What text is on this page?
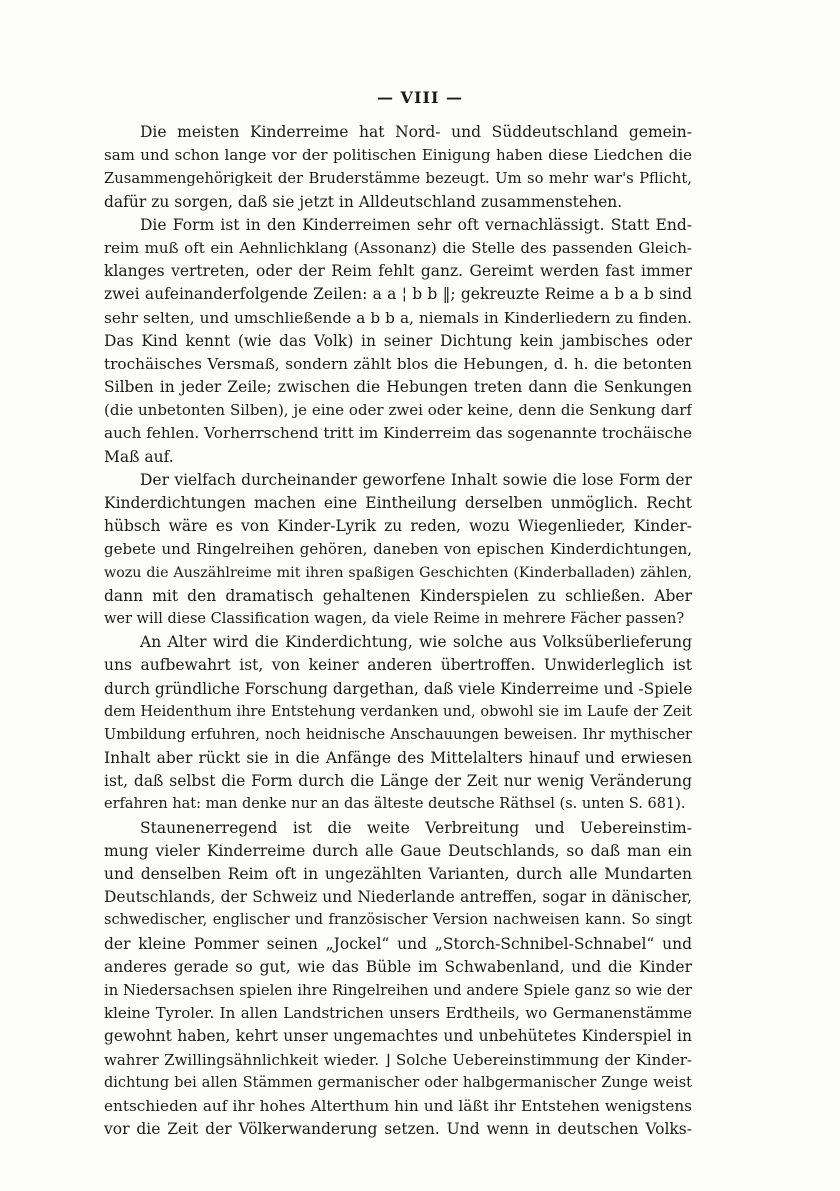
— VIII —
Die meisten Kinderreime hat Nord- und Süddeutschland gemein-
sam und schon lange vor der politischen Einigung haben diese Liedchen die
Zusammengehörigkeit der Bruderstämme bezeugt. Um so mehr war's Pflicht,
dafür zu sorgen, daß sie jetzt in Alldeutschland zusammenstehen.
Die Form ist in den Kinderreimen sehr oft vernachlässigt. Statt End-
reim muß oft ein Aehnlichklang (Assonanz) die Stelle des passenden Gleich-
klanges vertreten, oder der Reim fehlt ganz. Gereimt werden fast immer
zwei aufeinanderfolgende Zeilen: a a ¦ b b ‖; gekreuzte Reime a b a b sind
sehr selten, und umschließende a b b a, niemals in Kinderliedern zu finden.
Das Kind kennt (wie das Volk) in seiner Dichtung kein jambisches oder
trochäisches Versmaß, sondern zählt blos die Hebungen, d. h. die betonten
Silben in jeder Zeile; zwischen die Hebungen treten dann die Senkungen
(die unbetonten Silben), je eine oder zwei oder keine, denn die Senkung darf
auch fehlen. Vorherrschend tritt im Kinderreim das sogenannte trochäische
Maß auf.
Der vielfach durcheinander geworfene Inhalt sowie die lose Form der
Kinderdichtungen machen eine Eintheilung derselben unmöglich. Recht
hübsch wäre es von Kinder-Lyrik zu reden, wozu Wiegenlieder, Kinder-
gebete und Ringelreihen gehören, daneben von epischen Kinderdichtungen,
wozu die Auszählreime mit ihren spaßigen Geschichten (Kinderballaden) zählen,
dann mit den dramatisch gehaltenen Kinderspielen zu schließen. Aber
wer will diese Classification wagen, da viele Reime in mehrere Fächer passen?
An Alter wird die Kinderdichtung, wie solche aus Volksüberlieferung
uns aufbewahrt ist, von keiner anderen übertroffen. Unwiderleglich ist
durch gründliche Forschung dargethan, daß viele Kinderreime und -Spiele
dem Heidenthum ihre Entstehung verdanken und, obwohl sie im Laufe der Zeit
Umbildung erfuhren, noch heidnische Anschauungen beweisen. Ihr mythischer
Inhalt aber rückt sie in die Anfänge des Mittelalters hinauf und erwiesen
ist, daß selbst die Form durch die Länge der Zeit nur wenig Veränderung
erfahren hat: man denke nur an das älteste deutsche Räthsel (s. unten S. 681).
Staunenerregend ist die weite Verbreitung und Uebereinstim-
mung vieler Kinderreime durch alle Gaue Deutschlands, so daß man ein
und denselben Reim oft in ungezählten Varianten, durch alle Mundarten
Deutschlands, der Schweiz und Niederlande antreffen, sogar in dänischer,
schwedischer, englischer und französischer Version nachweisen kann. So singt
der kleine Pommer seinen „Jockel“ und „Storch-Schnibel-Schnabel“ und
anderes gerade so gut, wie das Büble im Schwabenland, und die Kinder
in Niedersachsen spielen ihre Ringelreihen und andere Spiele ganz so wie der
kleine Tyroler. In allen Landstrichen unsers Erdtheils, wo Germanenstämme
gewohnt haben, kehrt unser ungemachtes und unbehütetes Kinderspiel in
wahrer Zwillingsähnlichkeit wieder. ⌋ Solche Uebereinstimmung der Kinder-
dichtung bei allen Stämmen germanischer oder halbgermanischer Zunge weist
entschieden auf ihr hohes Alterthum hin und läßt ihr Entstehen wenigstens
vor die Zeit der Völkerwanderung setzen. Und wenn in deutschen Volks-
